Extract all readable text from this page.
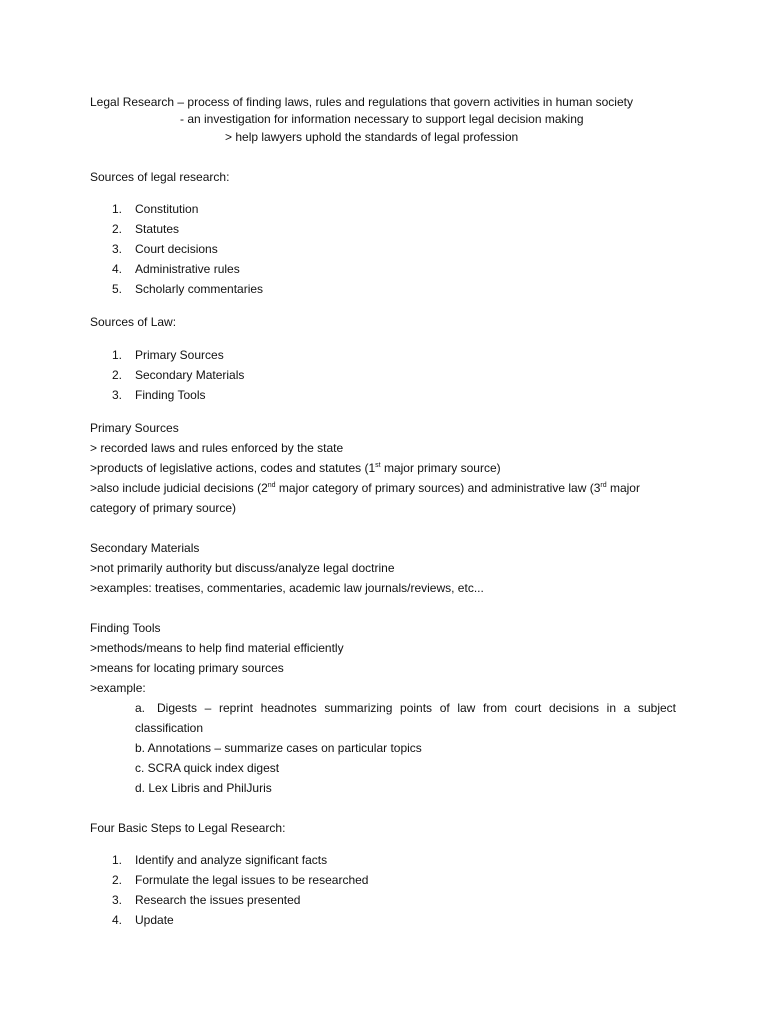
Legal Research – process of finding laws, rules and regulations that govern activities in human society
- an investigation for information necessary to support legal decision making
> help lawyers uphold the standards of legal profession
Sources of legal research:
1. Constitution
2. Statutes
3. Court decisions
4. Administrative rules
5. Scholarly commentaries
Sources of Law:
1. Primary Sources
2. Secondary Materials
3. Finding Tools
Primary Sources
> recorded laws and rules enforced by the state
>products of legislative actions, codes and statutes (1st major primary source)
>also include judicial decisions (2nd major category of primary sources) and administrative law (3rd major
category of primary source)
Secondary Materials
>not primarily authority but discuss/analyze legal doctrine
>examples: treatises, commentaries, academic law journals/reviews, etc...
Finding Tools
>methods/means to help find material efficiently
>means for locating primary sources
>example:
a. Digests – reprint headnotes summarizing points of law from court decisions in a subject
classification
b. Annotations – summarize cases on particular topics
c. SCRA quick index digest
d. Lex Libris and PhilJuris
Four Basic Steps to Legal Research:
1. Identify and analyze significant facts
2. Formulate the legal issues to be researched
3. Research the issues presented
4. Update
